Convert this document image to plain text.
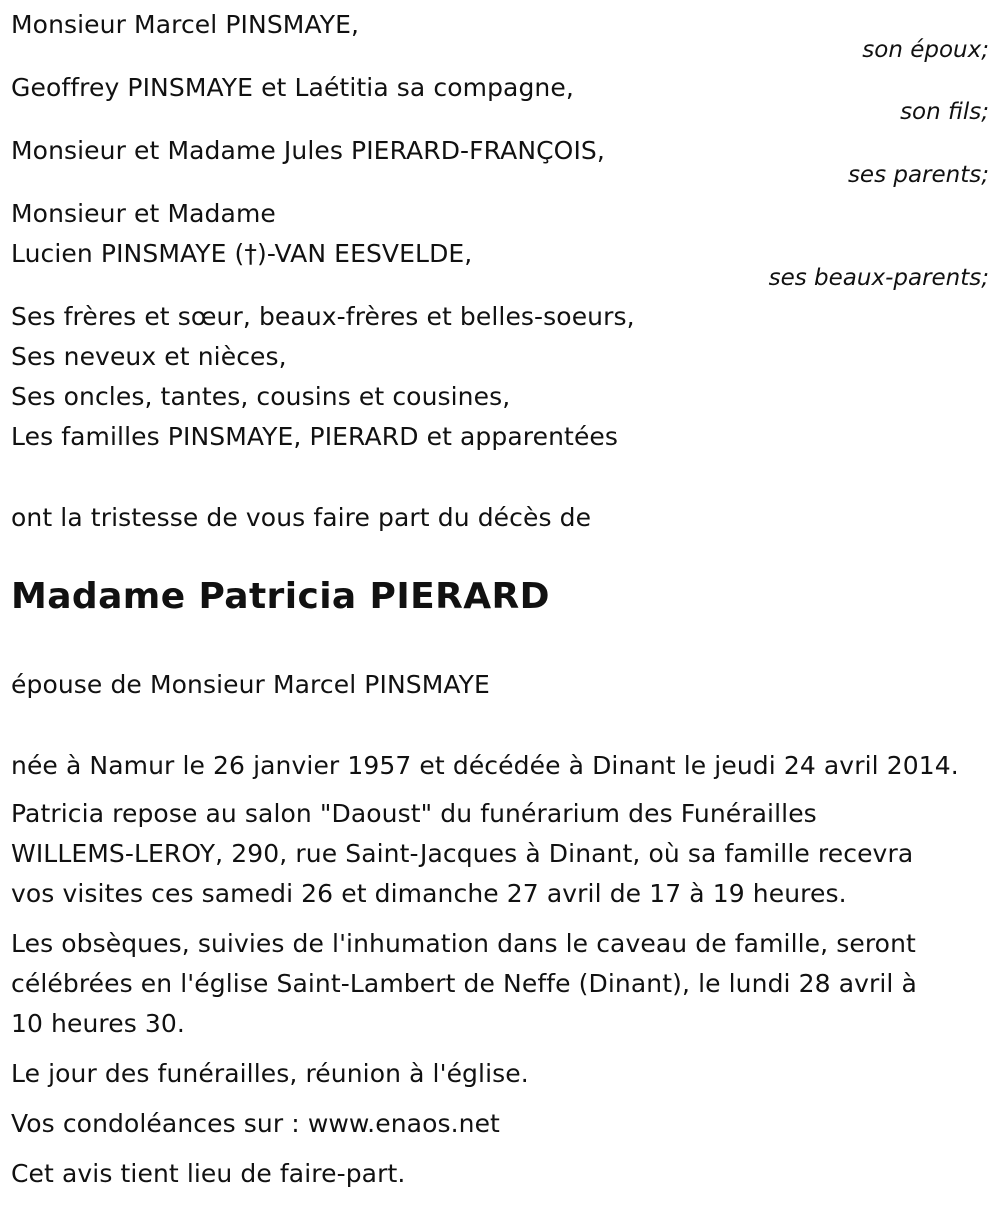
Monsieur Marcel PINSMAYE,
son époux;
Geoffrey PINSMAYE et Laétitia sa compagne,
son fils;
Monsieur et Madame Jules PIERARD-FRANÇOIS,
ses parents;
Monsieur et Madame
Lucien PINSMAYE (†)-VAN EESVELDE,
ses beaux-parents;
Ses frères et sœur, beaux-frères et belles-soeurs,
Ses neveux et nièces,
Ses oncles, tantes, cousins et cousines,
Les familles PINSMAYE, PIERARD et apparentées
ont la tristesse de vous faire part du décès de
Madame Patricia PIERARD
épouse de Monsieur Marcel PINSMAYE
née à Namur le 26 janvier 1957 et décédée à Dinant le jeudi 24 avril 2014.
Patricia repose au salon "Daoust" du funérarium des Funérailles
WILLEMS-LEROY, 290, rue Saint-Jacques à Dinant, où sa famille recevra
vos visites ces samedi 26 et dimanche 27 avril de 17 à 19 heures.
Les obsèques, suivies de l'inhumation dans le caveau de famille, seront
célébrées en l'église Saint-Lambert de Neffe (Dinant), le lundi 28 avril à
10 heures 30.
Le jour des funérailles, réunion à l'église.
Vos condoléances sur : www.enaos.net
Cet avis tient lieu de faire-part.
